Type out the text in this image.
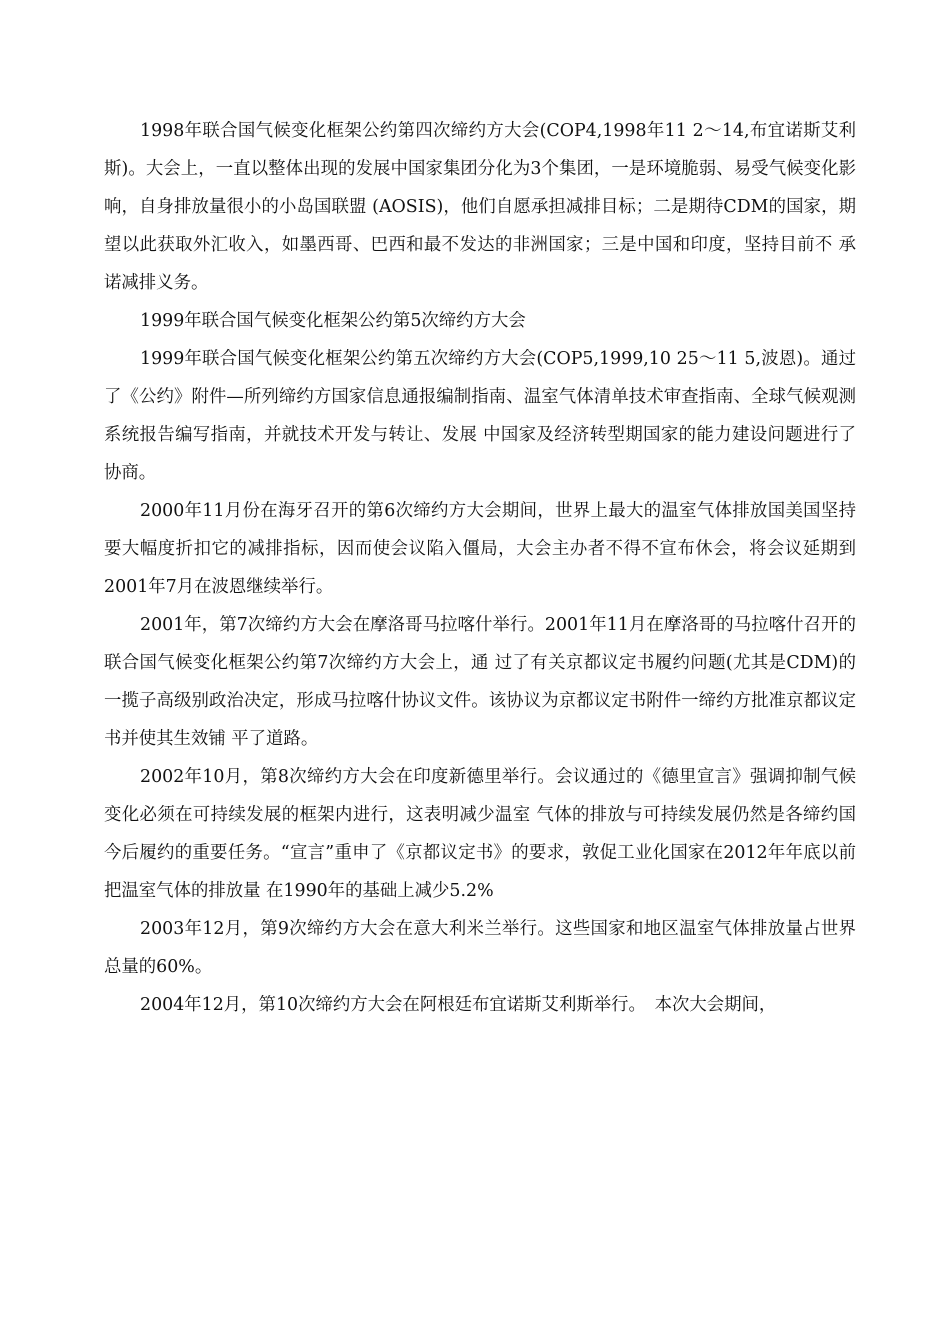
1998年联合国气候变化框架公约第四次缔约方大会(COP4,1998年11 2～14,布宜诺斯艾利斯)。大会上，一直以整体出现的发展中国家集团分化为3个集团，一是环境脆弱、易受气候变化影响，自身排放量很小的小岛国联盟 (AOSIS)，他们自愿承担减排目标；二是期待CDM的国家，期望以此获取外汇收入，如墨西哥、巴西和最不发达的非洲国家；三是中国和印度，坚持目前不 承诺减排义务。

1999年联合国气候变化框架公约第5次缔约方大会

1999年联合国气候变化框架公约第五次缔约方大会(COP5,1999,10 25～11 5,波恩)。通过了《公约》附件—所列缔约方国家信息通报编制指南、温室气体清单技术审查指南、全球气候观测系统报告编写指南，并就技术开发与转让、发展 中国家及经济转型期国家的能力建设问题进行了协商。

2000年11月份在海牙召开的第6次缔约方大会期间，世界上最大的温室气体排放国美国坚持要大幅度折扣它的减排指标，因而使会议陷入僵局，大会主办者不得不宣布休会，将会议延期到2001年7月在波恩继续举行。

2001年，第7次缔约方大会在摩洛哥马拉喀什举行。2001年11月在摩洛哥的马拉喀什召开的联合国气候变化框架公约第7次缔约方大会上，通 过了有关京都议定书履约问题(尤其是CDM)的一揽子高级别政治决定，形成马拉喀什协议文件。该协议为京都议定书附件一缔约方批准京都议定书并使其生效铺 平了道路。

2002年10月，第8次缔约方大会在印度新德里举行。会议通过的《德里宣言》强调抑制气候变化必须在可持续发展的框架内进行，这表明减少温室 气体的排放与可持续发展仍然是各缔约国今后履约的重要任务。“宣言”重申了《京都议定书》的要求，敦促工业化国家在2012年年底以前把温室气体的排放量 在1990年的基础上减少5.2%

2003年12月，第9次缔约方大会在意大利米兰举行。这些国家和地区温室气体排放量占世界总量的60%。

2004年12月，第10次缔约方大会在阿根廷布宜诺斯艾利斯举行。　本次大会期间，
